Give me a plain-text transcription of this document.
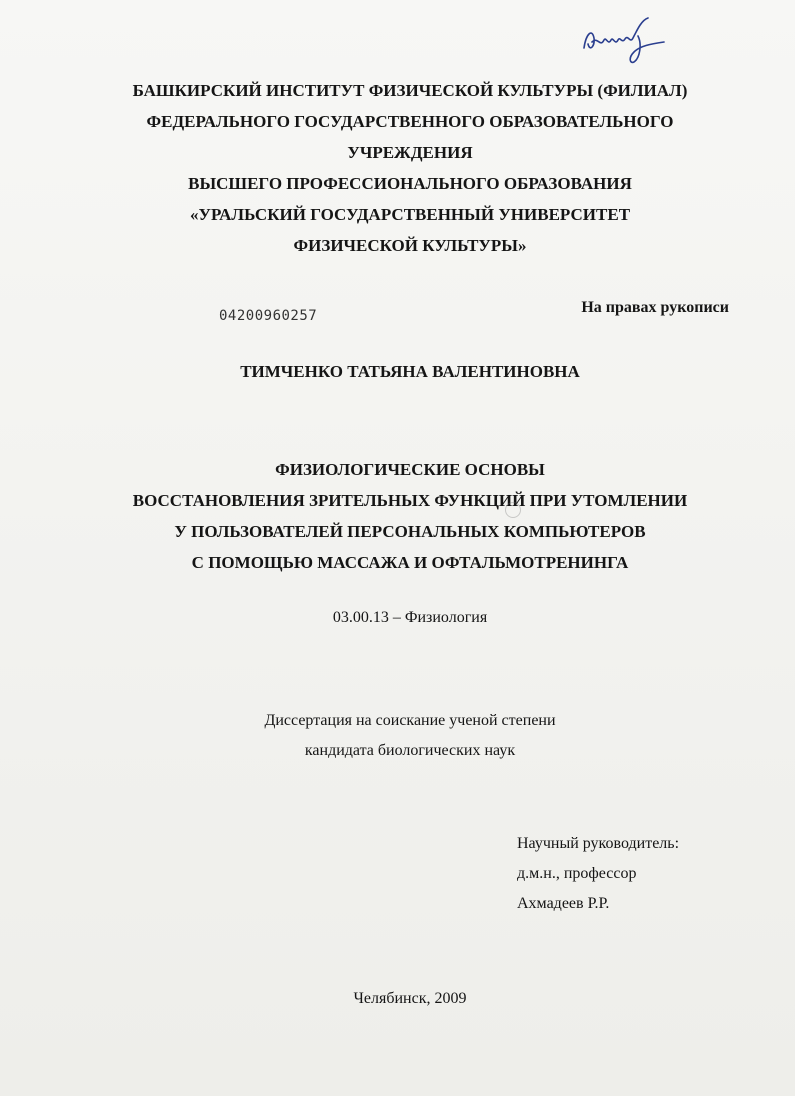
БАШКИРСКИЙ ИНСТИТУТ ФИЗИЧЕСКОЙ КУЛЬТУРЫ (ФИЛИАЛ)
ФЕДЕРАЛЬНОГО ГОСУДАРСТВЕННОГО ОБРАЗОВАТЕЛЬНОГО
УЧРЕЖДЕНИЯ
ВЫСШЕГО ПРОФЕССИОНАЛЬНОГО ОБРАЗОВАНИЯ
«УРАЛЬСКИЙ ГОСУДАРСТВЕННЫЙ УНИВЕРСИТЕТ
ФИЗИЧЕСКОЙ КУЛЬТУРЫ»
04200960257	На правах рукописи
ТИМЧЕНКО ТАТЬЯНА ВАЛЕНТИНОВНА
ФИЗИОЛОГИЧЕСКИЕ ОСНОВЫ
ВОССТАНОВЛЕНИЯ ЗРИТЕЛЬНЫХ ФУНКЦИЙ ПРИ УТОМЛЕНИИ
У ПОЛЬЗОВАТЕЛЕЙ ПЕРСОНАЛЬНЫХ КОМПЬЮТЕРОВ
С ПОМОЩЬЮ МАССАЖА И ОФТАЛЬМОТРЕНИНГА
03.00.13 – Физиология
Диссертация на соискание ученой степени
кандидата биологических наук
Научный руководитель:
д.м.н., профессор
Ахмадеев Р.Р.
Челябинск, 2009
